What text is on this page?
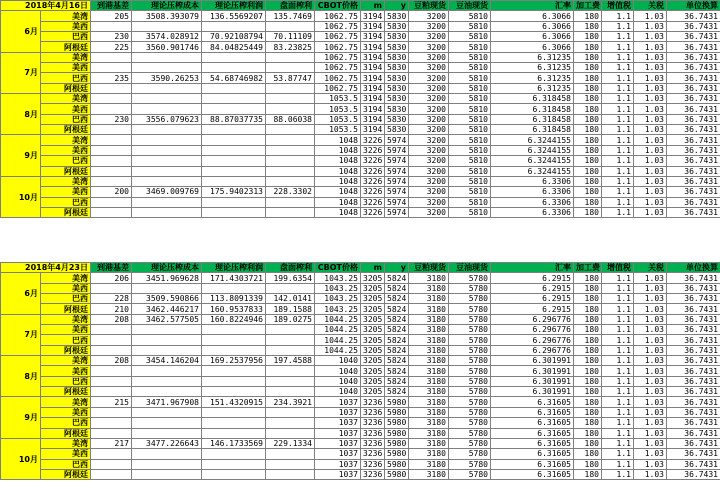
2018年4月16日		到港基差	理论压榨成本	理论压榨利润	盘面榨利	CBOT价格	m	y	豆粕现货	豆油现货	汇率	加工费	增值税	关税	单位换算
6月	美湾	205	3508.393079	136.5569207	135.7469	1062.75	3194	5830	3200	5810	6.3066	180	1.1	1.03	36.7431
	美西					1062.75	3194	5830	3200	5810	6.3066	180	1.1	1.03	36.7431
	巴西	230	3574.028912	70.92108794	70.11109	1062.75	3194	5830	3200	5810	6.3066	180	1.1	1.03	36.7431
	阿根廷	225	3560.901746	84.04825449	83.23825	1062.75	3194	5830	3200	5810	6.3066	180	1.1	1.03	36.7431
7月	美湾					1062.75	3194	5830	3200	5810	6.31235	180	1.1	1.03	36.7431
	美西					1062.75	3194	5830	3200	5810	6.31235	180	1.1	1.03	36.7431
	巴西	235	3590.26253	54.68746982	53.87747	1062.75	3194	5830	3200	5810	6.31235	180	1.1	1.03	36.7431
	阿根廷					1062.75	3194	5830	3200	5810	6.31235	180	1.1	1.03	36.7431
8月	美湾					1053.5	3194	5830	3200	5810	6.318458	180	1.1	1.03	36.7431
	美西					1053.5	3194	5830	3200	5810	6.318458	180	1.1	1.03	36.7431
	巴西	230	3556.079623	88.87037735	88.06038	1053.5	3194	5830	3200	5810	6.318458	180	1.1	1.03	36.7431
	阿根廷					1053.5	3194	5830	3200	5810	6.318458	180	1.1	1.03	36.7431
9月	美湾					1048	3226	5974	3200	5810	6.3244155	180	1.1	1.03	36.7431
	美西					1048	3226	5974	3200	5810	6.3244155	180	1.1	1.03	36.7431
	巴西					1048	3226	5974	3200	5810	6.3244155	180	1.1	1.03	36.7431
	阿根廷					1048	3226	5974	3200	5810	6.3244155	180	1.1	1.03	36.7431
10月	美湾					1048	3226	5974	3200	5810	6.3306	180	1.1	1.03	36.7431
	美西	200	3469.009769	175.9402313	228.3302	1048	3226	5974	3200	5810	6.3306	180	1.1	1.03	36.7431
	巴西					1048	3226	5974	3200	5810	6.3306	180	1.1	1.03	36.7431
	阿根廷					1048	3226	5974	3200	5810	6.3306	180	1.1	1.03	36.7431
2018年4月23日		到港基差	理论压榨成本	理论压榨利润	盘面榨利	CBOT价格	m	y	豆粕现货	豆油现货	汇率	加工费	增值税	关税	单位换算
6月	美湾	206	3451.969628	171.4303721	199.6354	1043.25	3205	5824	3180	5780	6.2915	180	1.1	1.03	36.7431
	美西					1043.25	3205	5824	3180	5780	6.2915	180	1.1	1.03	36.7431
	巴西	228	3509.590866	113.8091339	142.0141	1043.25	3205	5824	3180	5780	6.2915	180	1.1	1.03	36.7431
	阿根廷	210	3462.446217	160.9537833	189.1588	1043.25	3205	5824	3180	5780	6.2915	180	1.1	1.03	36.7431
7月	美湾	208	3462.577505	160.8224946	189.0275	1044.25	3205	5824	3180	5780	6.296776	180	1.1	1.03	36.7431
	美西					1044.25	3205	5824	3180	5780	6.296776	180	1.1	1.03	36.7431
	巴西					1044.25	3205	5824	3180	5780	6.296776	180	1.1	1.03	36.7431
	阿根廷					1044.25	3205	5824	3180	5780	6.296776	180	1.1	1.03	36.7431
8月	美湾	208	3454.146204	169.2537956	197.4588	1040	3205	5824	3180	5780	6.301991	180	1.1	1.03	36.7431
	美西					1040	3205	5824	3180	5780	6.301991	180	1.1	1.03	36.7431
	巴西					1040	3205	5824	3180	5780	6.301991	180	1.1	1.03	36.7431
	阿根廷					1040	3205	5824	3180	5780	6.301991	180	1.1	1.03	36.7431
9月	美湾	215	3471.967908	151.4320915	234.3921	1037	3236	5980	3180	5780	6.31605	180	1.1	1.03	36.7431
	美西					1037	3236	5980	3180	5780	6.31605	180	1.1	1.03	36.7431
	巴西					1037	3236	5980	3180	5780	6.31605	180	1.1	1.03	36.7431
	阿根廷					1037	3236	5980	3180	5780	6.31605	180	1.1	1.03	36.7431
10月	美湾	217	3477.226643	146.1733569	229.1334	1037	3236	5980	3180	5780	6.31605	180	1.1	1.03	36.7431
	美西					1037	3236	5980	3180	5780	6.31605	180	1.1	1.03	36.7431
	巴西					1037	3236	5980	3180	5780	6.31605	180	1.1	1.03	36.7431
	阿根廷					1037	3236	5980	3180	5780	6.31605	180	1.1	1.03	36.7431
